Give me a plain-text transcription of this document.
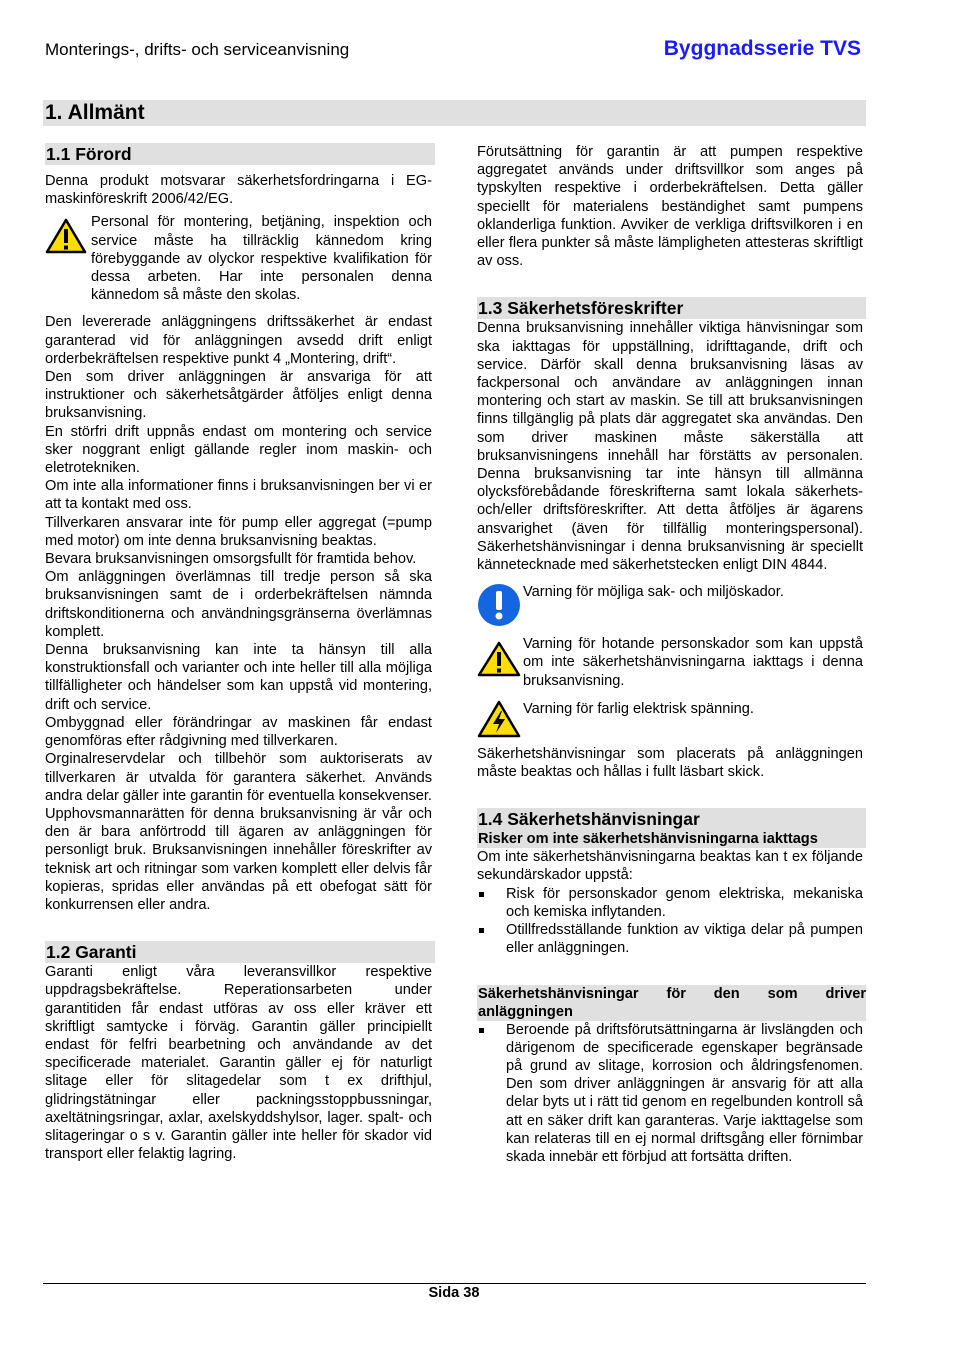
Monterings-, drifts- och serviceanvisning	Byggnadsserie TVS
1. Allmänt
1.1 Förord

Denna produkt motsvarar säkerhetsfordringarna i EG-maskinföreskrift 2006/42/EG.

Personal för montering, betjäning, inspektion och service måste ha tillräcklig kännedom kring förebyggande av olyckor respektive kvalifikation för dessa arbeten. Har inte personalen denna kännedom så måste den skolas.

Den levererade anläggningens driftssäkerhet är endast garanterad vid för anläggningen avsedd drift enligt orderbekräftelsen respektive punkt 4 „Montering, drift“.

Den som driver anläggningen är ansvariga för att instruktioner och säkerhetsåtgärder åtföljes enligt denna bruksanvisning.

En störfri drift uppnås endast om montering och service sker noggrant enligt gällande regler inom maskin- och eletrotekniken.

Om inte alla informationer finns i bruksanvisningen ber vi er att ta kontakt med oss.

Tillverkaren ansvarar inte för pump eller aggregat (=pump med motor) om inte denna bruksanvisning beaktas.

Bevara bruksanvisningen omsorgsfullt för framtida behov.

Om anläggningen överlämnas till tredje person så ska bruksanvisningen samt de i orderbekräftelsen nämnda driftskonditionerna och användningsgränserna överlämnas komplett.

Denna bruksanvisning kan inte ta hänsyn till alla konstruktionsfall och varianter och inte heller till alla möjliga tillfälligheter och händelser som kan uppstå vid montering, drift och service.

Ombyggnad eller förändringar av maskinen får endast genomföras efter rådgivning med tillverkaren.

Orginalreservdelar och tillbehör som auktoriserats av tillverkaren är utvalda för garantera säkerhet. Används andra delar gäller inte garantin för eventuella konsekvenser.

Upphovsmannarätten för denna bruksanvisning är vår och den är bara anförtrodd till ägaren av anläggningen för personligt bruk. Bruksanvisningen innehåller föreskrifter av teknisk art och ritningar som varken komplett eller delvis får kopieras, spridas eller användas på ett obefogat sätt för konkurrensen eller andra.

1.2 Garanti

Garanti enligt våra leveransvillkor respektive uppdragsbekräftelse. Reperationsarbeten under garantitiden får endast utföras av oss eller kräver ett skriftligt samtycke i förväg. Garantin gäller principiellt endast för felfri bearbetning och användande av det specificerade materialet. Garantin gäller ej för naturligt slitage eller för slitagedelar som t ex drifthjul, glidringstätningar eller packningsstoppbussningar, axeltätningsringar, axlar, axelskyddshylsor, lager. spalt- och slitageringar o s v. Garantin gäller inte heller för skador vid transport eller felaktig lagring.

Förutsättning för garantin är att pumpen respektive aggregatet används under driftsvillkor som anges på typskylten respektive i orderbekräftelsen. Detta gäller speciellt för materialens beständighet samt pumpens oklanderliga funktion. Avviker de verkliga driftsvilkoren i en eller flera punkter så måste lämpligheten attesteras skriftligt av oss.

1.3 Säkerhetsföreskrifter

Denna bruksanvisning innehåller viktiga hänvisningar som ska iakttagas för uppställning, idrifttagande, drift och service. Därför skall denna bruksanvisning läsas av fackpersonal och användare av anläggningen innan montering och start av maskin. Se till att bruksanvisningen finns tillgänglig på plats där aggregatet ska användas. Den som driver maskinen måste säkerställa att bruksanvisningens innehåll har förstätts av personalen. Denna bruksanvisning tar inte hänsyn till allmänna olycksförebådande föreskrifterna samt lokala säkerhets- och/eller driftsföreskrifter. Att detta åtföljes är ägarens ansvarighet (även för tillfällig monteringspersonal). Säkerhetshänvisningar i denna bruksanvisning är speciellt kännetecknade med säkerhetstecken enligt DIN 4844.

Varning för möjliga sak- och miljöskador.

Varning för hotande personskador som kan uppstå om inte säkerhetshänvisningarna iakttags i denna bruksanvisning.

Varning för farlig elektrisk spänning.

Säkerhetshänvisningar som placerats på anläggningen måste beaktas och hållas i fullt läsbart skick.

1.4 Säkerhetshänvisningar
Risker om inte säkerhetshänvisningarna iakttags

Om inte säkerhetshänvisningarna beaktas kan t ex följande sekundärskador uppstå:

Risk för personskador genom elektriska, mekaniska och kemiska inflytanden.
Otillfredsställande funktion av viktiga delar på pumpen eller anläggningen.
Säkerhetshänvisningar för den som driver anläggningen
Beroende på driftsförutsättningarna är livslängden och därigenom de specificerade egenskaper begränsade på grund av slitage, korrosion och åldringsfenomen. Den som driver anläggningen är ansvarig för att alla delar byts ut i rätt tid genom en regelbunden kontroll så att en säker drift kan garanteras. Varje iakttagelse som kan relateras till en ej normal driftsgång eller förnimbar skada innebär ett förbjud att fortsätta driften.
Sida 38
